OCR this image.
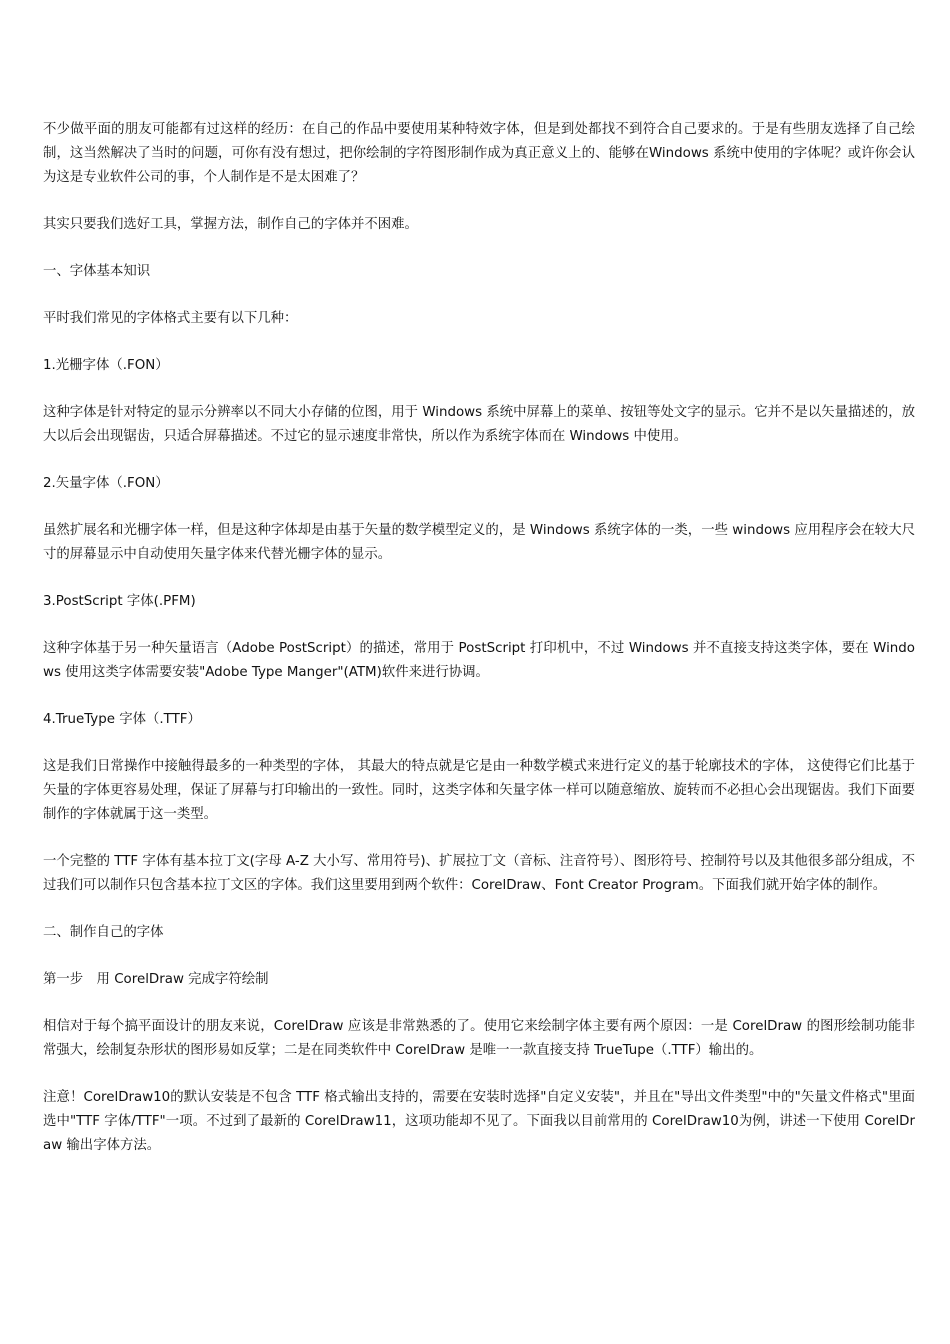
不少做平面的朋友可能都有过这样的经历：在自己的作品中要使用某种特效字体，但是到处都找不到符合自己要求的。于是有些朋友选择了自己绘制，这当然解决了当时的问题，可你有没有想过，把你绘制的字符图形制作成为真正意义上的、能够在Windows 系统中使用的字体呢？或许你会认为这是专业软件公司的事，个人制作是不是太困难了？

其实只要我们选好工具，掌握方法，制作自己的字体并不困难。

一、字体基本知识

平时我们常见的字体格式主要有以下几种：

1.光栅字体（.FON）

这种字体是针对特定的显示分辨率以不同大小存储的位图，用于 Windows 系统中屏幕上的菜单、按钮等处文字的显示。它并不是以矢量描述的，放大以后会出现锯齿，只适合屏幕描述。不过它的显示速度非常快，所以作为系统字体而在 Windows 中使用。

2.矢量字体（.FON）

虽然扩展名和光栅字体一样，但是这种字体却是由基于矢量的数学模型定义的，是 Windows 系统字体的一类，一些 windows 应用程序会在较大尺寸的屏幕显示中自动使用矢量字体来代替光栅字体的显示。

3.PostScript 字体(.PFM)

这种字体基于另一种矢量语言（Adobe PostScript）的描述，常用于 PostScript 打印机中，不过 Windows 并不直接支持这类字体，要在 Windows 使用这类字体需要安装"Adobe Type Manger"(ATM)软件来进行协调。

4.TrueType 字体（.TTF）

这是我们日常操作中接触得最多的一种类型的字体， 其最大的特点就是它是由一种数学模式来进行定义的基于轮廓技术的字体， 这使得它们比基于矢量的字体更容易处理，保证了屏幕与打印输出的一致性。同时，这类字体和矢量字体一样可以随意缩放、旋转而不必担心会出现锯齿。我们下面要制作的字体就属于这一类型。

一个完整的 TTF 字体有基本拉丁文(字母 A-Z 大小写、常用符号)、扩展拉丁文（音标、注音符号）、图形符号、控制符号以及其他很多部分组成，不过我们可以制作只包含基本拉丁文区的字体。我们这里要用到两个软件：CorelDraw、Font Creator Program。下面我们就开始字体的制作。

二、制作自己的字体

第一步　用 CorelDraw 完成字符绘制

相信对于每个搞平面设计的朋友来说，CorelDraw 应该是非常熟悉的了。使用它来绘制字体主要有两个原因：一是 CorelDraw 的图形绘制功能非常强大，绘制复杂形状的图形易如反掌；二是在同类软件中 CorelDraw 是唯一一款直接支持 TrueTupe（.TTF）输出的。

注意！CorelDraw10的默认安装是不包含 TTF 格式输出支持的，需要在安装时选择"自定义安装"，并且在"导出文件类型"中的"矢量文件格式"里面选中"TTF 字体/TTF"一项。不过到了最新的 CorelDraw11，这项功能却不见了。下面我以目前常用的 CorelDraw10为例，讲述一下使用 CorelDraw 输出字体方法。
